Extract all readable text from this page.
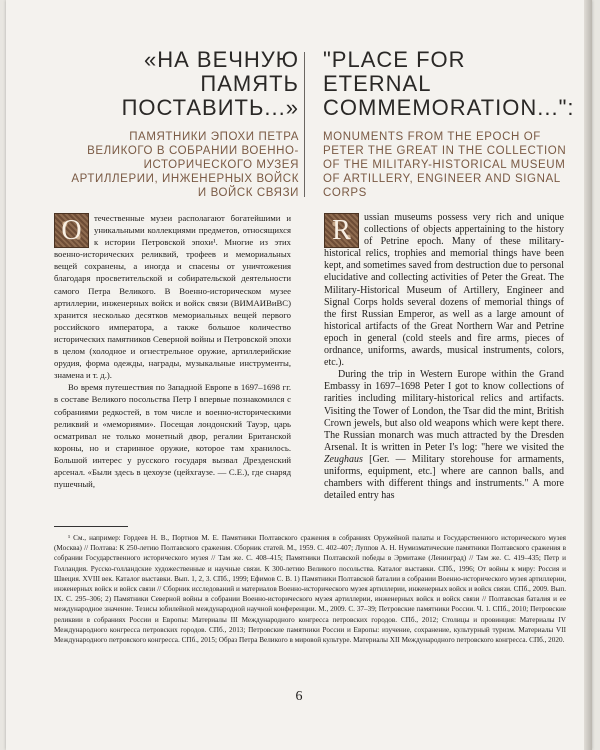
«НА ВЕЧНУЮ ПАМЯТЬ ПОСТАВИТЬ...»
ПАМЯТНИКИ ЭПОХИ ПЕТРА ВЕЛИКОГО В СОБРАНИИ ВОЕННО-ИСТОРИЧЕСКОГО МУЗЕЯ АРТИЛЛЕРИИ, ИНЖЕНЕРНЫХ ВОЙСК И ВОЙСК СВЯЗИ
"PLACE FOR ETERNAL COMMEMORATION...":
MONUMENTS FROM THE EPOCH OF PETER THE GREAT IN THE COLLECTION OF THE MILITARY-HISTORICAL MUSEUM OF ARTILLERY, ENGINEER AND SIGNAL CORPS

О	течественные музеи располагают богатейшими и уникальными коллекциями предметов, относящихся к истории Петровской эпохи¹. Многие из этих военно-исторических реликвий, трофеев и мемориальных вещей сохранены, а иногда и спасены от уничтожения благодаря просветительской и собирательской деятельности самого Петра Великого. В Военно-историческом музее артиллерии, инженерных войск и войск связи (ВИМАИВиВС) хранится несколько десятков мемориальных вещей первого российского императора, а также большое количество исторических памятников Северной войны и Петровской эпохи в целом (холодное и огнестрельное оружие, артиллерийские орудия, форма одежды, награды, музыкальные инструменты, знамена и т. д.).

Во время путешествия по Западной Европе в 1697–1698 гг. в составе Великого посольства Петр I впервые познакомился с собраниями редкостей, в том числе и военно-историческими реликвий и «мемориями». Посещая лондонский Тауэр, царь осматривал не только монетный двор, регалии Британской короны, но и старинное оружие, которое там хранилось. Большой интерес у русского государя вызвал Дрезденский арсенал. «Были здесь в цехоузе (цейхгаузе. — С.Е.), где снаряд пушечный,

R	ussian museums possess very rich and unique collections of objects appertaining to the history of Petrine epoch. Many of these military-historical relics, trophies and memorial things have been kept, and sometimes saved from destruction due to personal elucidative and collecting activities of Peter the Great. The Military-Historical Museum of Artillery, Engineer and Signal Corps holds several dozens of memorial things of the first Russian Emperor, as well as a large amount of historical artifacts of the Great Northern War and Petrine epoch in general (cold steels and fire arms, pieces of ordnance, uniforms, awards, musical instruments, colors, etc.).

During the trip in Western Europe within the Grand Embassy in 1697–1698 Peter I got to know collections of rarities including military-historical relics and artifacts. Visiting the Tower of London, the Tsar did the mint, British Crown jewels, but also old weapons which were kept there. The Russian monarch was much attracted by the Dresden Arsenal. It is written in Peter I's log: "here we visited the Zeughaus [Ger. — Military storehouse for armaments, uniforms, equipment, etc.] where are cannon balls, and chambers with different things and instruments." A more detailed entry has

¹ См., например: Гордеев Н. В., Портнов М. Е. Памятники Полтавского сражения в собраниях Оружейной палаты и Государственного исторического музея (Москва) // Полтава: К 250-летию Полтавского сражения. Сборник статей. М., 1959. С. 402–407; Луппов А. Н. Нумизматические памятники Полтавского сражения в собрании Государственного исторического музея // Там же. С. 408–415; Памятники Полтавской победы в Эрмитаже (Ленинград) // Там же. С. 419–435; Петр и Голландия. Русско-голландские художественные и научные связи. К 300-летию Великого посольства. Каталог выставки. СПб., 1996; От войны к миру: Россия и Швеция. XVIII век. Каталог выставки. Вып. 1, 2, 3. СПб., 1999; Ефимов С. В. 1) Памятники Полтавской баталии в собрании Военно-исторического музея артиллерии, инженерных войск и войск связи // Сборник исследований и материалов Военно-исторического музея артиллерии, инженерных войск и войск связи. СПб., 2009. Вып. IX. С. 295–306; 2) Памятники Северной войны в собрании Военно-исторического музея артиллерии, инженерных войск и войск связи // Полтавская баталия и ее международное значение. Тезисы юбилейной международной научной конференции. М., 2009. С. 37–39; Петровские памятники России. Ч. 1. СПб., 2010; Петровские реликвии в собраниях России и Европы: Материалы III Международного конгресса петровских городов. СПб., 2012; Столицы и провинция: Материалы IV Международного конгресса петровских городов. СПб., 2013; Петровские памятники России и Европы: изучение, сохранение, культурный туризм. Материалы VII Международного петровского конгресса. СПб., 2015; Образ Петра Великого в мировой культуре. Материалы XII Международного петровского конгресса. СПб., 2020.

6
